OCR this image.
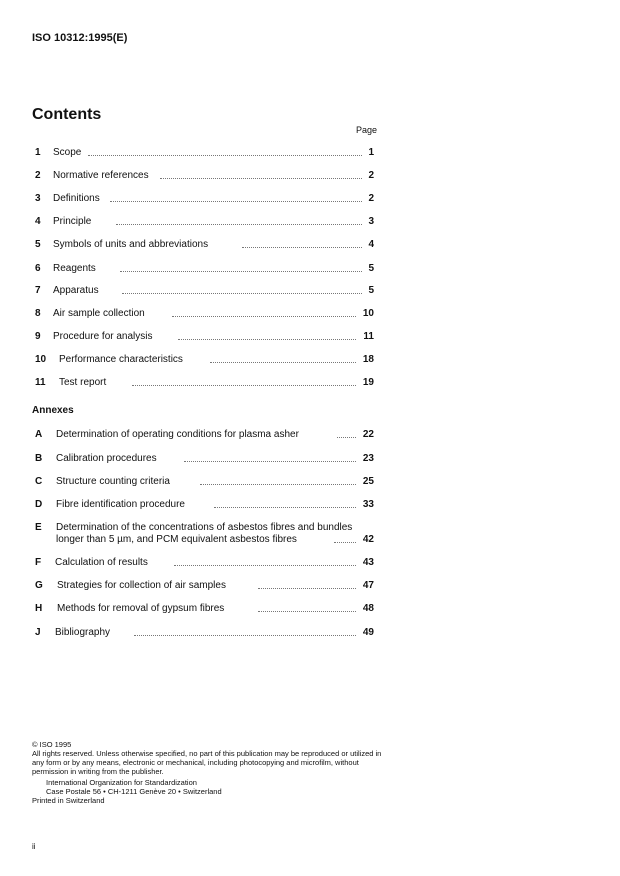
ISO 10312:1995(E)
Contents
Page
1 Scope	1
2 Normative references	2
3 Definitions	2
4 Principle	3
5 Symbols of units and abbreviations	4
6 Reagents	5
7 Apparatus	5
8 Air sample collection	10
9 Procedure for analysis	11
10 Performance characteristics	18
11 Test report	19
Annexes
A Determination of operating conditions for plasma asher	22
B Calibration procedures	23
C Structure counting criteria	25
D Fibre identification procedure	33
E Determination of the concentrations of asbestos fibres and bundles
longer than 5 µm, and PCM equivalent asbestos fibres	42
F Calculation of results	43
G Strategies for collection of air samples	47
H Methods for removal of gypsum fibres	48
J Bibliography	49
© ISO 1995
All rights reserved. Unless otherwise specified, no part of this publication may be reproduced or utilized in any form or by any means, electronic or mechanical, including photocopying and microfilm, without permission in writing from the publisher.
International Organization for Standardization
Case Postale 56 • CH-1211 Genève 20 • Switzerland
Printed in Switzerland
ii
